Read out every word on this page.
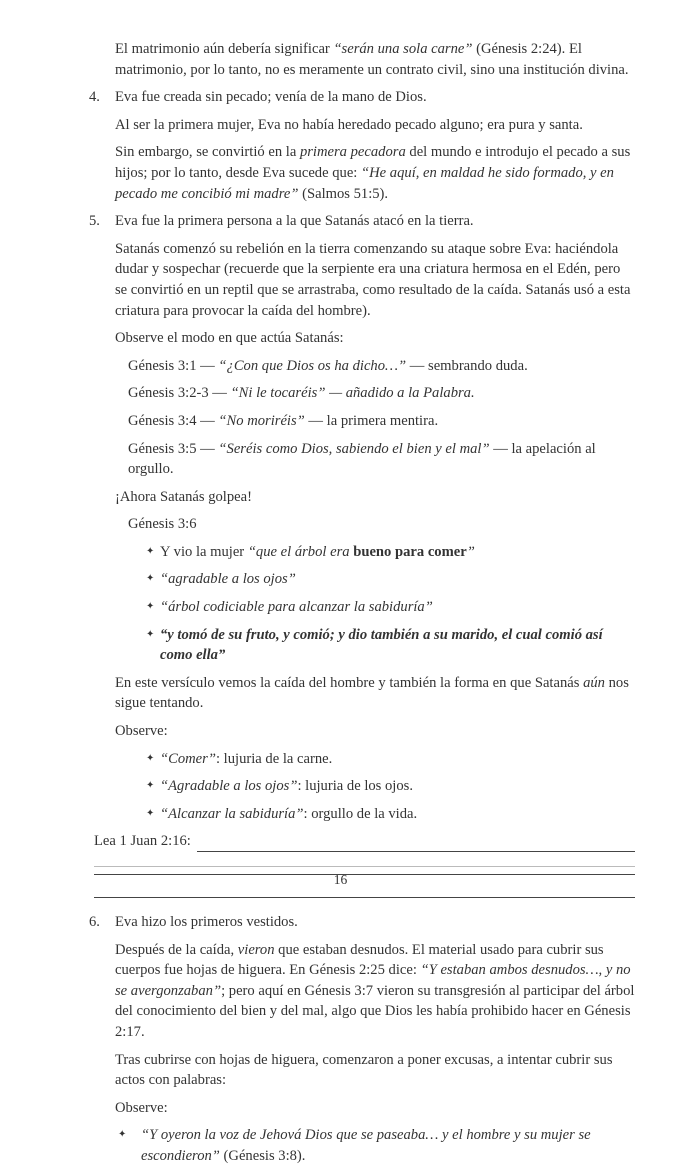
El matrimonio aún debería significar “serán una sola carne” (Génesis 2:24). El matrimonio, por lo tanto, no es meramente un contrato civil, sino una institución divina.

4. Eva fue creada sin pecado; venía de la mano de Dios.

Al ser la primera mujer, Eva no había heredado pecado alguno; era pura y santa.

Sin embargo, se convirtió en la primera pecadora del mundo e introdujo el pecado a sus hijos; por lo tanto, desde Eva sucede que: “He aquí, en maldad he sido formado, y en pecado me concibió mi madre” (Salmos 51:5).

5. Eva fue la primera persona a la que Satanás atacó en la tierra.

Satanás comenzó su rebelión en la tierra comenzando su ataque sobre Eva: haciéndola dudar y sospechar (recuerde que la serpiente era una criatura hermosa en el Edén, pero se convirtió en un reptil que se arrastraba, como resultado de la caída. Satanás usó a esta criatura para provocar la caída del hombre).

Observe el modo en que actúa Satanás:

Génesis 3:1 — “¿Con que Dios os ha dicho…” — sembrando duda.

Génesis 3:2-3 — “Ni le tocaréis” — añadido a la Palabra.

Génesis 3:4 — “No moriréis” — la primera mentira.

Génesis 3:5 — “Seréis como Dios, sabiendo el bien y el mal” — la apelación al orgullo.

¡Ahora Satanás golpea!

Génesis 3:6

✦ Y vio la mujer “que el árbol era bueno para comer”

✦ “agradable a los ojos”

✦ “árbol codiciable para alcanzar la sabiduría”

✦ “y tomó de su fruto, y comió; y dio también a su marido, el cual comió así como ella”

En este versículo vemos la caída del hombre y también la forma en que Satanás aún nos sigue tentando.

Observe:

✦ “Comer”: lujuria de la carne.

✦ “Agradable a los ojos”: lujuria de los ojos.

✦ “Alcanzar la sabiduría”: orgullo de la vida.

Lea 1 Juan 2:16:

6. Eva hizo los primeros vestidos.

Después de la caída, vieron que estaban desnudos. El material usado para cubrir sus cuerpos fue hojas de higuera. En Génesis 2:25 dice: “Y estaban ambos desnudos…, y no se avergonzaban”; pero aquí en Génesis 3:7 vieron su transgresión al participar del árbol del conocimiento del bien y del mal, algo que Dios les había prohibido hacer en Génesis 2:17.

Tras cubrirse con hojas de higuera, comenzaron a poner excusas, a intentar cubrir sus actos con palabras:

Observe:

✦ “Y oyeron la voz de Jehová Dios que se paseaba… y el hombre y su mujer se escondieron” (Génesis 3:8).

16
